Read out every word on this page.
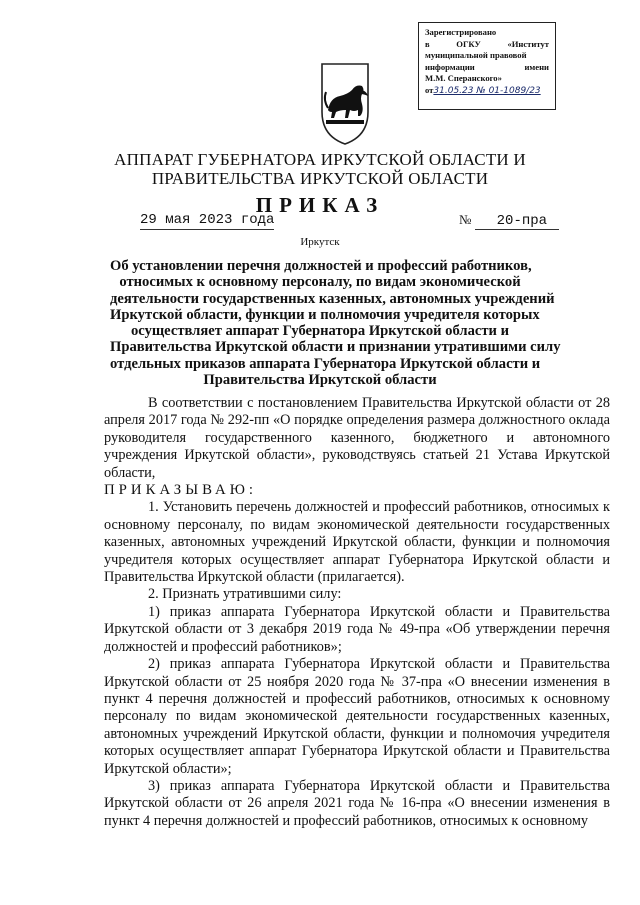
Зарегистрировано
в	ОГКУ	«Институт
муниципальной правовой
информации	имени
М.М. Сперанского»
от31.05.23 № 01-1089/23
АППАРАТ ГУБЕРНАТОРА ИРКУТСКОЙ ОБЛАСТИ И
ПРАВИТЕЛЬСТВА ИРКУТСКОЙ ОБЛАСТИ
ПРИКАЗ
29 мая 2023 года	№ 20-пра
Иркутск
Об установлении перечня должностей и профессий работников,
относимых к основному персоналу, по видам экономической
деятельности государственных казенных, автономных учреждений
Иркутской области, функции и полномочия учредителя которых
осуществляет аппарат Губернатора Иркутской области и
Правительства Иркутской области и признании утратившими силу
отдельных приказов аппарата Губернатора Иркутской области и
Правительства Иркутской области

В соответствии с постановлением Правительства Иркутской области от 28 апреля 2017 года № 292-пп «О порядке определения размера должностного оклада руководителя государственного казенного, бюджетного и автономного учреждения Иркутской области», руководствуясь статьей 21 Устава Иркутской области,

ПРИКАЗЫВАЮ:

1. Установить перечень должностей и профессий работников, относимых к основному персоналу, по видам экономической деятельности государственных казенных, автономных учреждений Иркутской области, функции и полномочия учредителя которых осуществляет аппарат Губернатора Иркутской области и Правительства Иркутской области (прилагается).

2. Признать утратившими силу:

1) приказ аппарата Губернатора Иркутской области и Правительства Иркутской области от 3 декабря 2019 года № 49-пра «Об утверждении перечня должностей и профессий работников»;

2) приказ аппарата Губернатора Иркутской области и Правительства Иркутской области от 25 ноября 2020 года № 37-пра «О внесении изменения в пункт 4 перечня должностей и профессий работников, относимых к основному персоналу по видам экономической деятельности государственных казенных, автономных учреждений Иркутской области, функции и полномочия учредителя которых осуществляет аппарат Губернатора Иркутской области и Правительства Иркутской области»;

3) приказ аппарата Губернатора Иркутской области и Правительства Иркутской области от 26 апреля 2021 года № 16-пра «О внесении изменения в пункт 4 перечня должностей и профессий работников, относимых к основному
